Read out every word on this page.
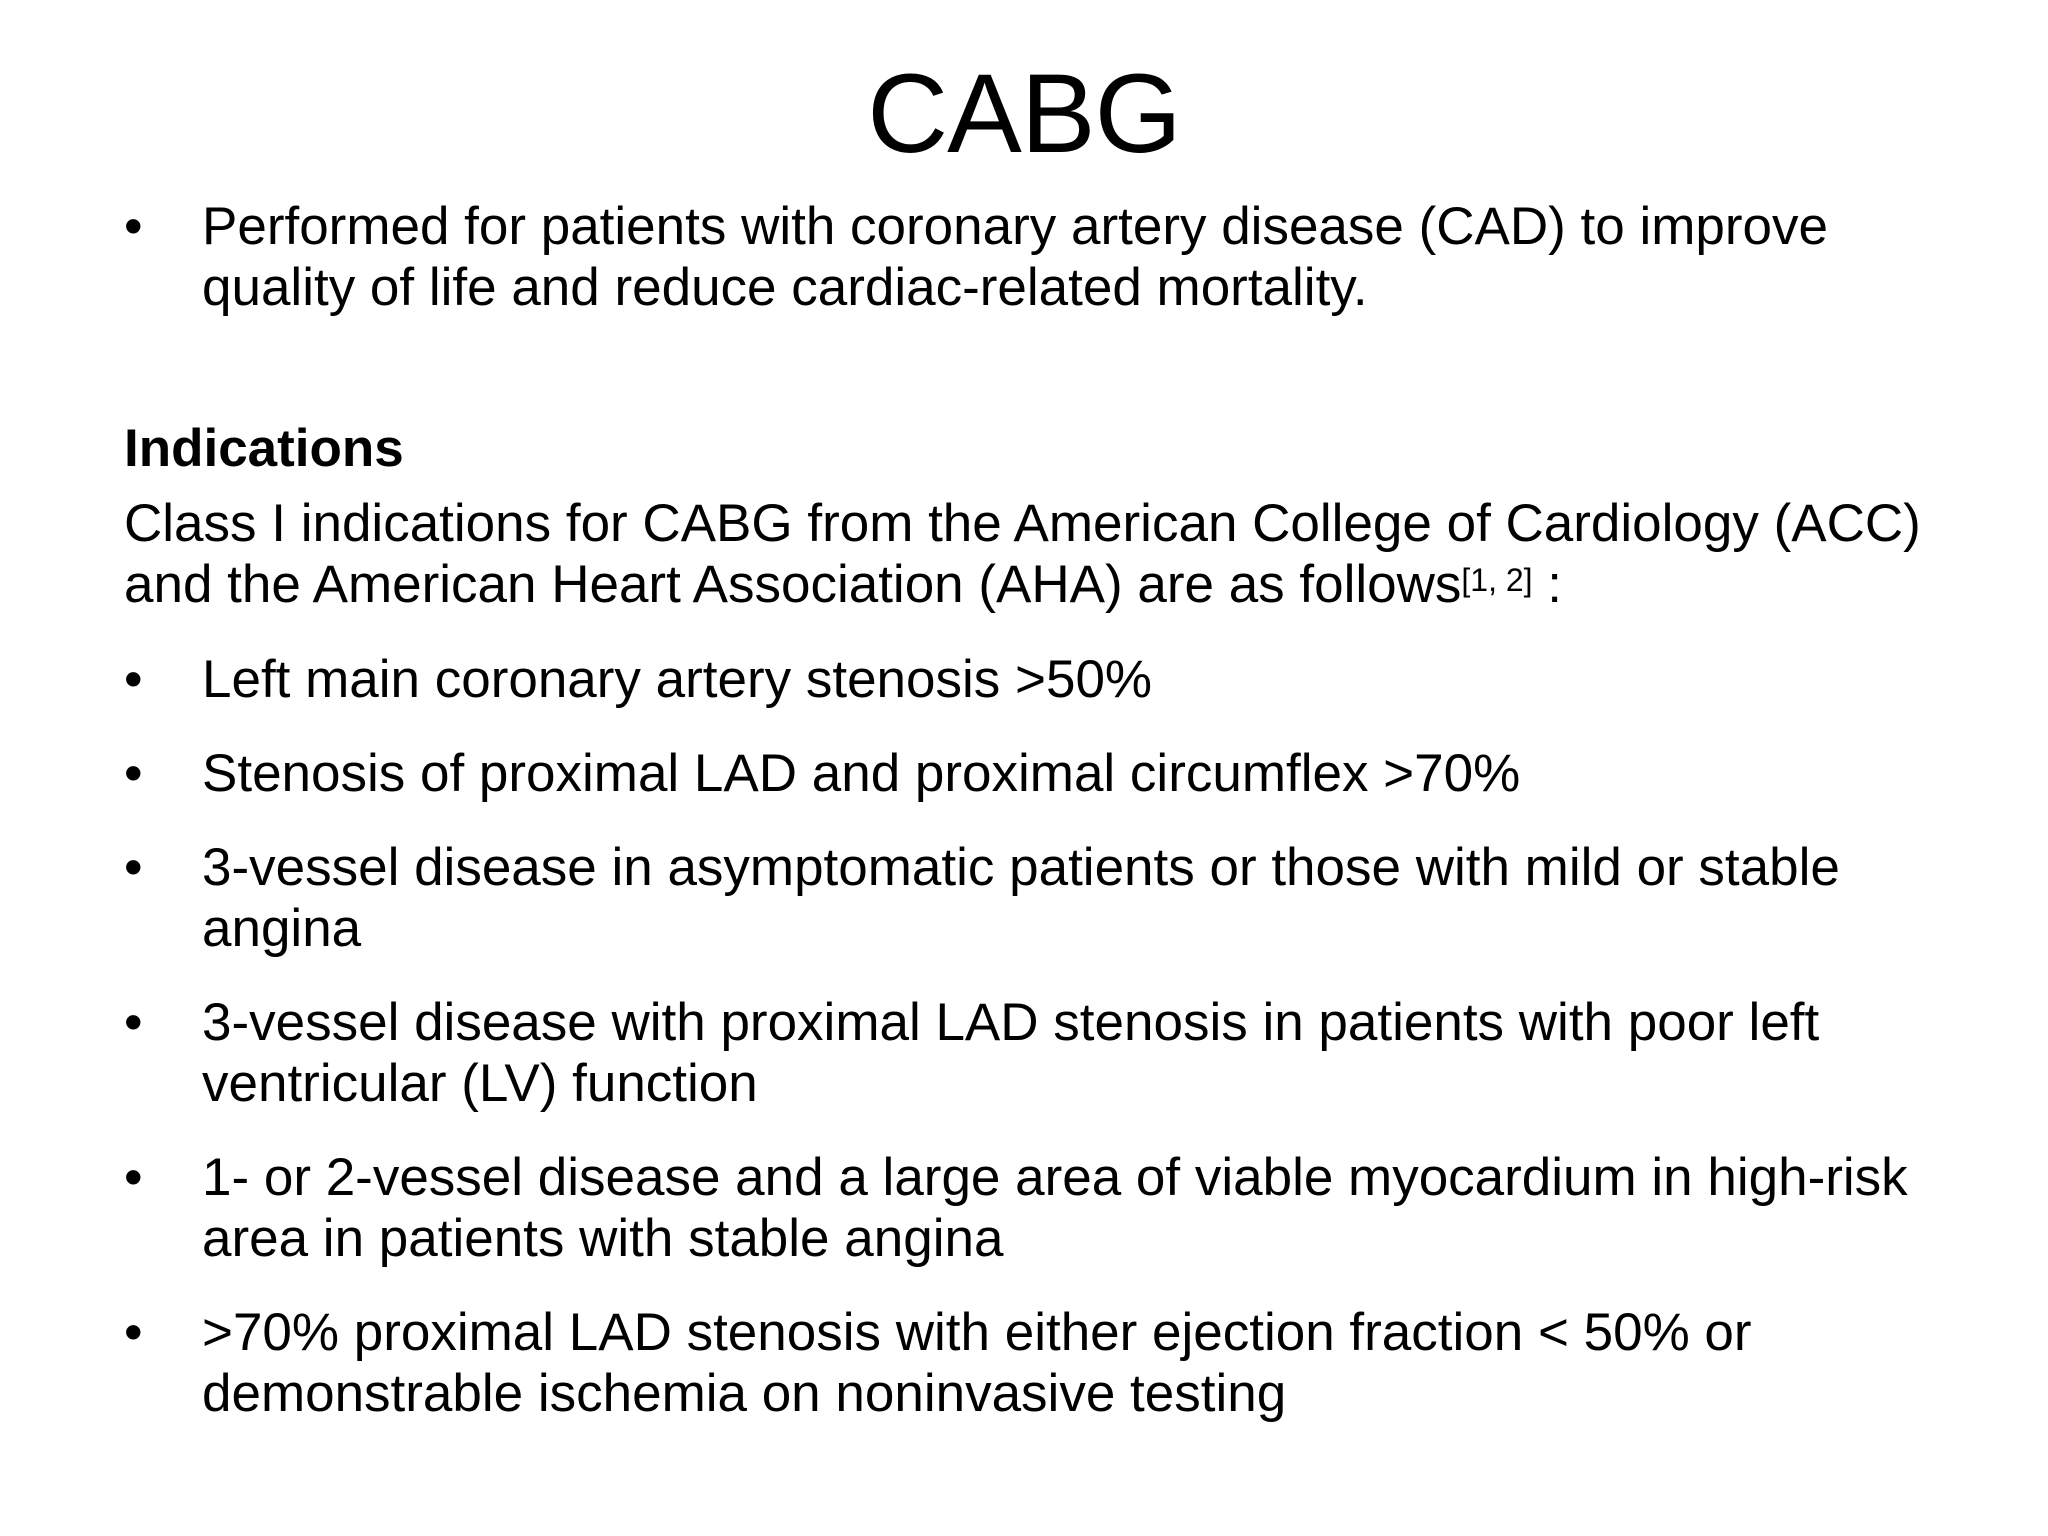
CABG
•	Performed for patients with coronary artery disease (CAD) to improve quality of life and reduce cardiac-related mortality.
Indications
Class I indications for CABG from the American College of Cardiology (ACC) and the American Heart Association (AHA) are as follows[1, 2] :
•	Left main coronary artery stenosis >50%
•	Stenosis of proximal LAD and proximal circumflex >70%
•	3-vessel disease in asymptomatic patients or those with mild or stable angina
•	3-vessel disease with proximal LAD stenosis in patients with poor left ventricular (LV) function
•	1- or 2-vessel disease and a large area of viable myocardium in high-risk area in patients with stable angina
•	>70% proximal LAD stenosis with either ejection fraction < 50% or demonstrable ischemia on noninvasive testing
